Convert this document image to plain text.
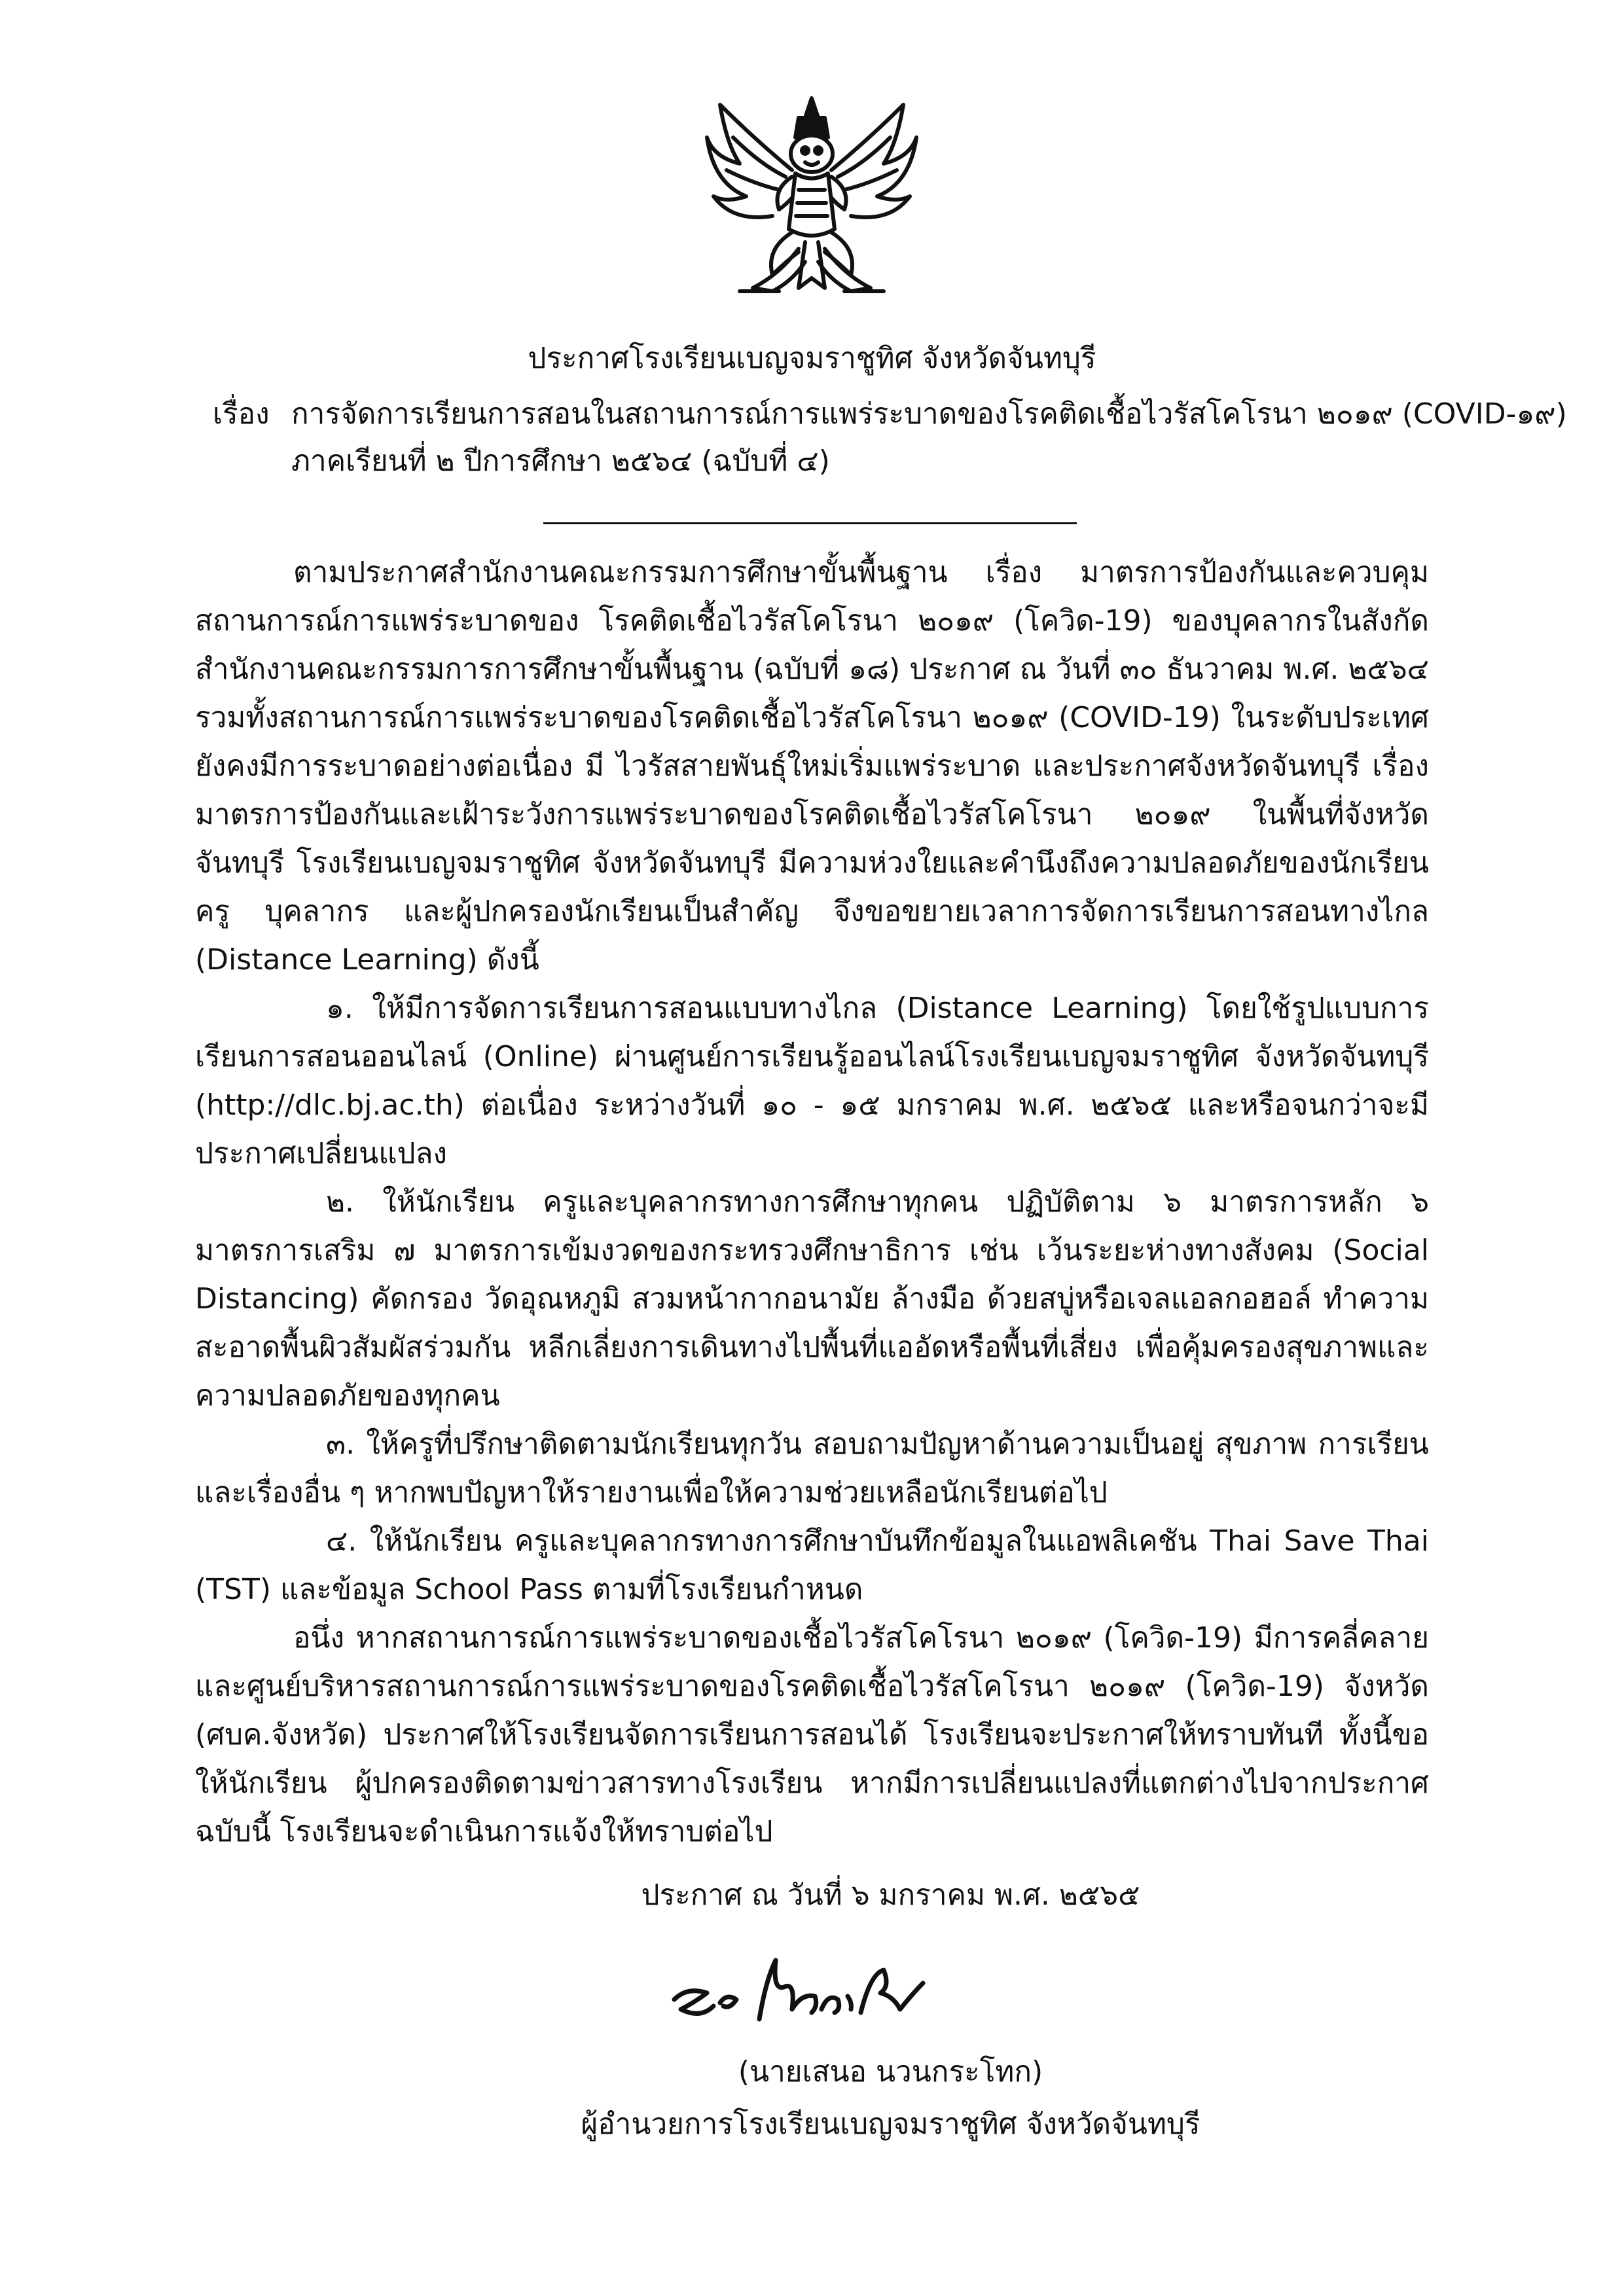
ประกาศโรงเรียนเบญจมราชูทิศ จังหวัดจันทบุรี
เรื่อง การจัดการเรียนการสอนในสถานการณ์การแพร่ระบาดของโรคติดเชื้อไวรัสโคโรนา ๒๐๑๙ (COVID-๑๙)
ภาคเรียนที่ ๒ ปีการศึกษา ๒๕๖๔ (ฉบับที่ ๔)

ตามประกาศสำนักงานคณะกรรมการศึกษาขั้นพื้นฐาน เรื่อง มาตรการป้องกันและควบคุมสถานการณ์การแพร่ระบาดของ โรคติดเชื้อไวรัสโคโรนา ๒๐๑๙ (โควิด-19) ของบุคลากรในสังกัดสำนักงานคณะกรรมการการศึกษาขั้นพื้นฐาน (ฉบับที่ ๑๘) ประกาศ ณ วันที่ ๓๐ ธันวาคม พ.ศ. ๒๕๖๔ รวมทั้งสถานการณ์การแพร่ระบาดของโรคติดเชื้อไวรัสโคโรนา ๒๐๑๙ (COVID-19) ในระดับประเทศยังคงมีการระบาดอย่างต่อเนื่อง มี ไวรัสสายพันธุ์ใหม่เริ่มแพร่ระบาด และประกาศจังหวัดจันทบุรี เรื่อง มาตรการป้องกันและเฝ้าระวังการแพร่ระบาดของโรคติดเชื้อไวรัสโคโรนา ๒๐๑๙ ในพื้นที่จังหวัดจันทบุรี โรงเรียนเบญจมราชูทิศ จังหวัดจันทบุรี มีความห่วงใยและคำนึงถึงความปลอดภัยของนักเรียน ครู บุคลากร และผู้ปกครองนักเรียนเป็นสำคัญ จึงขอขยายเวลาการจัดการเรียนการสอนทางไกล (Distance Learning) ดังนี้

๑. ให้มีการจัดการเรียนการสอนแบบทางไกล (Distance Learning) โดยใช้รูปแบบการเรียนการสอนออนไลน์ (Online) ผ่านศูนย์การเรียนรู้ออนไลน์โรงเรียนเบญจมราชูทิศ จังหวัดจันทบุรี (http://dlc.bj.ac.th) ต่อเนื่อง ระหว่างวันที่ ๑๐ - ๑๕ มกราคม พ.ศ. ๒๕๖๕ และหรือจนกว่าจะมีประกาศเปลี่ยนแปลง

๒. ให้นักเรียน ครูและบุคลากรทางการศึกษาทุกคน ปฏิบัติตาม ๖ มาตรการหลัก ๖ มาตรการเสริม ๗ มาตรการเข้มงวดของกระทรวงศึกษาธิการ เช่น เว้นระยะห่างทางสังคม (Social Distancing) คัดกรอง วัดอุณหภูมิ สวมหน้ากากอนามัย ล้างมือ ด้วยสบู่หรือเจลแอลกอฮอล์ ทำความสะอาดพื้นผิวสัมผัสร่วมกัน หลีกเลี่ยงการเดินทางไปพื้นที่แออัดหรือพื้นที่เสี่ยง เพื่อคุ้มครองสุขภาพและความปลอดภัยของทุกคน

๓. ให้ครูที่ปรึกษาติดตามนักเรียนทุกวัน สอบถามปัญหาด้านความเป็นอยู่ สุขภาพ การเรียน และเรื่องอื่น ๆ หากพบปัญหาให้รายงานเพื่อให้ความช่วยเหลือนักเรียนต่อไป

๔. ให้นักเรียน ครูและบุคลากรทางการศึกษาบันทึกข้อมูลในแอพลิเคชัน Thai Save Thai (TST) และข้อมูล School Pass ตามที่โรงเรียนกำหนด

อนึ่ง หากสถานการณ์การแพร่ระบาดของเชื้อไวรัสโคโรนา ๒๐๑๙ (โควิด-19) มีการคลี่คลายและศูนย์บริหารสถานการณ์การแพร่ระบาดของโรคติดเชื้อไวรัสโคโรนา ๒๐๑๙ (โควิด-19) จังหวัด (ศบค.จังหวัด) ประกาศให้โรงเรียนจัดการเรียนการสอนได้ โรงเรียนจะประกาศให้ทราบทันที ทั้งนี้ขอให้นักเรียน ผู้ปกครองติดตามข่าวสารทางโรงเรียน หากมีการเปลี่ยนแปลงที่แตกต่างไปจากประกาศฉบับนี้ โรงเรียนจะดำเนินการแจ้งให้ทราบต่อไป

ประกาศ ณ วันที่ ๖ มกราคม พ.ศ. ๒๕๖๕
(นายเสนอ นวนกระโทก)
ผู้อำนวยการโรงเรียนเบญจมราชูทิศ จังหวัดจันทบุรี
